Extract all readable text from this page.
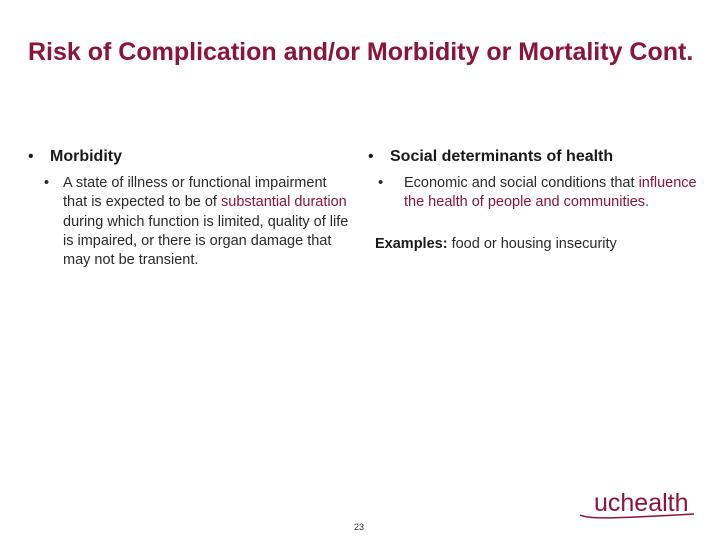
Risk of Complication and/or Morbidity or Mortality Cont.
• Morbidity
• A state of illness or functional impairment that is expected to be of substantial duration during which function is limited, quality of life is impaired, or there is organ damage that may not be transient.
• Social determinants of health
• Economic and social conditions that influence the health of people and communities.
Examples: food or housing insecurity
23
uchealth
